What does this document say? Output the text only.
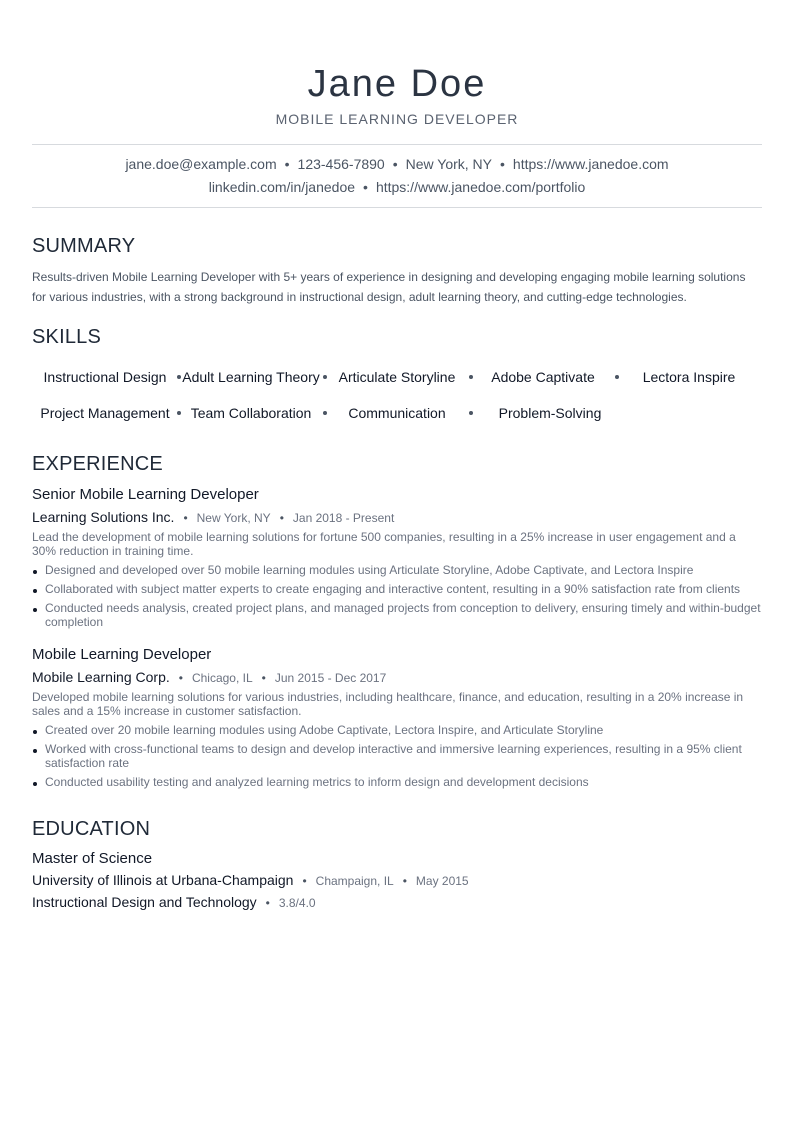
Jane Doe
MOBILE LEARNING DEVELOPER
jane.doe@example.com • 123-456-7890 • New York, NY • https://www.janedoe.com
linkedin.com/in/janedoe • https://www.janedoe.com/portfolio
SUMMARY
Results-driven Mobile Learning Developer with 5+ years of experience in designing and developing engaging mobile learning solutions for various industries, with a strong background in instructional design, adult learning theory, and cutting-edge technologies.
SKILLS
Instructional Design Adult Learning Theory Articulate Storyline	Adobe Captivate	Lectora Inspire
Project Management Team Collaboration	Communication	Problem-Solving
EXPERIENCE
Senior Mobile Learning Developer
Learning Solutions Inc. • New York, NY • Jan 2018 - Present
Lead the development of mobile learning solutions for fortune 500 companies, resulting in a 25% increase in user engagement and a 30% reduction in training time.
Designed and developed over 50 mobile learning modules using Articulate Storyline, Adobe Captivate, and Lectora Inspire
Collaborated with subject matter experts to create engaging and interactive content, resulting in a 90% satisfaction rate from clients
Conducted needs analysis, created project plans, and managed projects from conception to delivery, ensuring timely and within-budget completion
Mobile Learning Developer
Mobile Learning Corp. • Chicago, IL • Jun 2015 - Dec 2017
Developed mobile learning solutions for various industries, including healthcare, finance, and education, resulting in a 20% increase in sales and a 15% increase in customer satisfaction.
Created over 20 mobile learning modules using Adobe Captivate, Lectora Inspire, and Articulate Storyline
Worked with cross-functional teams to design and develop interactive and immersive learning experiences, resulting in a 95% client satisfaction rate
Conducted usability testing and analyzed learning metrics to inform design and development decisions
EDUCATION
Master of Science
University of Illinois at Urbana-Champaign • Champaign, IL • May 2015
Instructional Design and Technology • 3.8/4.0
